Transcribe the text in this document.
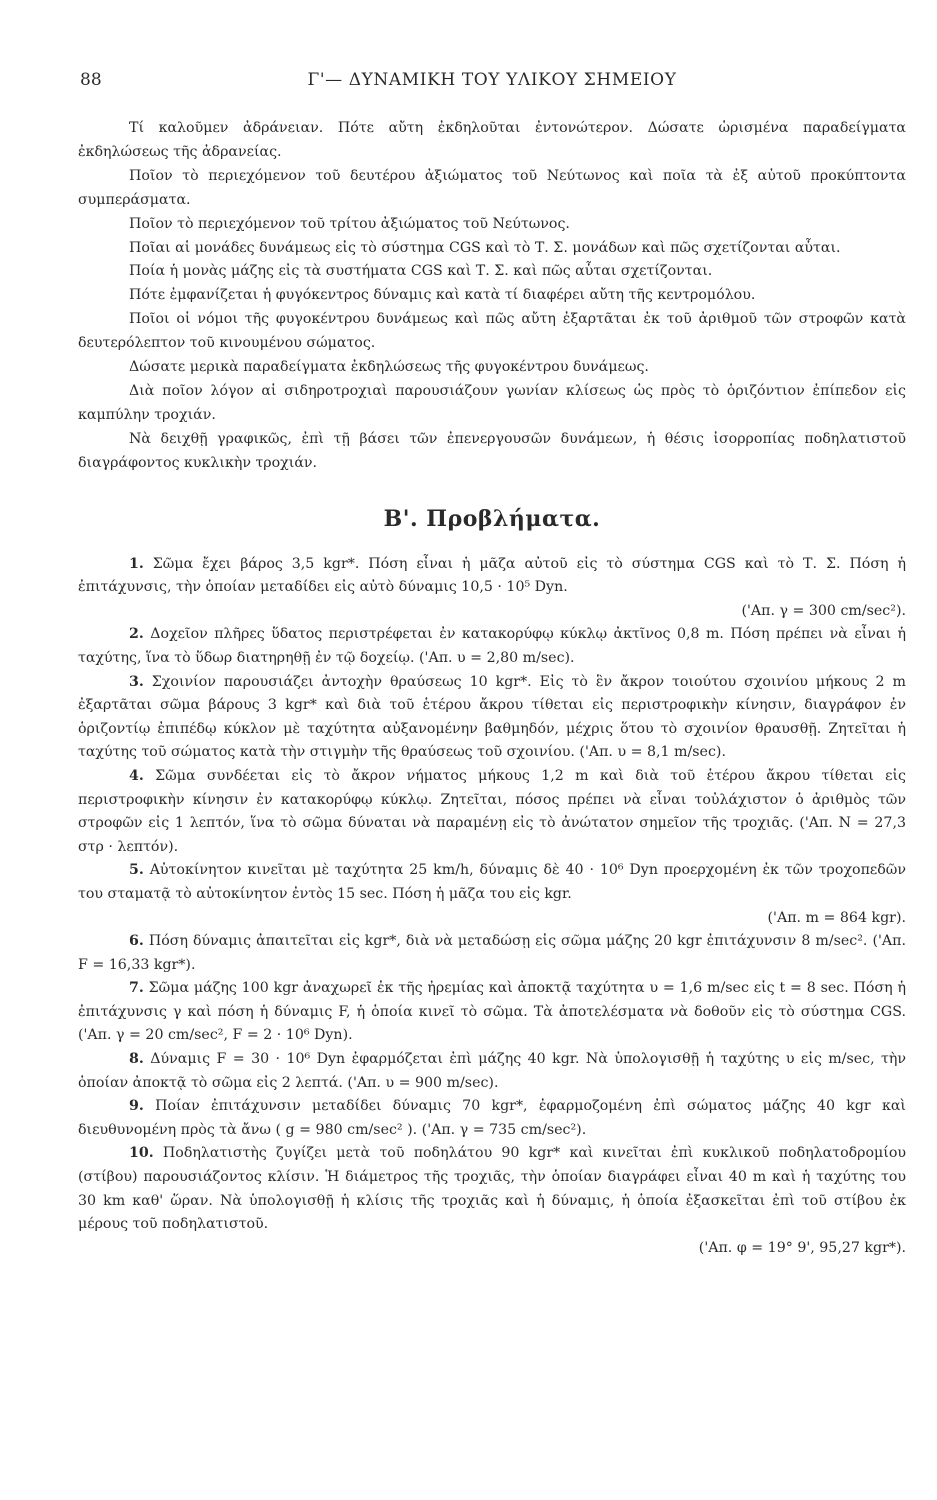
88	Γ'— ΔΥΝΑΜΙΚΗ ΤΟΥ ΥΛΙΚΟΥ ΣΗΜΕΙΟΥ

Τί καλοῦμεν ἀδράνειαν. Πότε αὔτη ἐκδηλοῦται ἐντονώτερον. Δώσατε ὡρισμένα παραδείγματα ἐκδηλώσεως τῆς ἀδρανείας.

Ποῖον τὸ περιεχόμενον τοῦ δευτέρου ἀξιώματος τοῦ Νεύτωνος καὶ ποῖα τὰ ἐξ αὐτοῦ προκύπτοντα συμπεράσματα.

Ποῖον τὸ περιεχόμενον τοῦ τρίτου ἀξιώματος τοῦ Νεύτωνος.

Ποῖαι αἱ μονάδες δυνάμεως εἰς τὸ σύστημα CGS καὶ τὸ Τ. Σ. μονάδων καὶ πῶς σχετίζονται αὗται.

Ποία ἡ μονὰς μάζης εἰς τὰ συστήματα CGS καὶ Τ. Σ. καὶ πῶς αὗται σχετίζονται.

Πότε ἐμφανίζεται ἡ φυγόκεντρος δύναμις καὶ κατὰ τί διαφέρει αὔτη τῆς κεντρομόλου.

Ποῖοι οἱ νόμοι τῆς φυγοκέντρου δυνάμεως καὶ πῶς αὔτη ἐξαρτᾶται ἐκ τοῦ ἀριθμοῦ τῶν στροφῶν κατὰ δευτερόλεπτον τοῦ κινουμένου σώματος.

Δώσατε μερικὰ παραδείγματα ἐκδηλώσεως τῆς φυγοκέντρου δυνάμεως.

Διὰ ποῖον λόγον αἱ σιδηροτροχιαὶ παρουσιάζουν γωνίαν κλίσεως ὡς πρὸς τὸ ὁριζόντιον ἐπίπεδον εἰς καμπύλην τροχιάν.

Νὰ δειχθῇ γραφικῶς, ἐπὶ τῇ βάσει τῶν ἐπενεργουσῶν δυνάμεων, ἡ θέσις ἰσορροπίας ποδηλατιστοῦ διαγράφοντος κυκλικὴν τροχιάν.

Β'. Προβλήματα.

1. Σῶμα ἔχει βάρος 3,5 kgr*. Πόση εἶναι ἡ μᾶζα αὐτοῦ εἰς τὸ σύστημα CGS καὶ τὸ Τ. Σ. Πόση ἡ ἐπιτάχυνσις, τὴν ὁποίαν μεταδίδει εἰς αὐτὸ δύναμις 10,5 · 10⁵ Dyn.
('Απ. γ = 300 cm/sec²).

2. Δοχεῖον πλῆρες ὕδατος περιστρέφεται ἐν κατακορύφῳ κύκλῳ ἀκτῖνος 0,8 m. Πόση πρέπει νὰ εἶναι ἡ ταχύτης, ἵνα τὸ ὕδωρ διατηρηθῇ ἐν τῷ δοχείῳ. ('Απ. υ = 2,80 m/sec).

3. Σχοινίον παρουσιάζει ἀντοχὴν θραύσεως 10 kgr*. Εἰς τὸ ἓν ἄκρον τοιούτου σχοινίου μήκους 2 m ἐξαρτᾶται σῶμα βάρους 3 kgr* καὶ διὰ τοῦ ἑτέρου ἄκρου τίθεται εἰς περιστροφικὴν κίνησιν, διαγράφον ἐν ὁριζοντίῳ ἐπιπέδῳ κύκλον μὲ ταχύτητα αὐξανομένην βαθμηδόν, μέχρις ὅτου τὸ σχοινίον θραυσθῇ. Ζητεῖται ἡ ταχύτης τοῦ σώματος κατὰ τὴν στιγμὴν τῆς θραύσεως τοῦ σχοινίου. ('Απ. υ = 8,1 m/sec).

4. Σῶμα συνδέεται εἰς τὸ ἄκρον νήματος μήκους 1,2 m καὶ διὰ τοῦ ἑτέρου ἄκρου τίθεται εἰς περιστροφικὴν κίνησιν ἐν κατακορύφῳ κύκλῳ. Ζητεῖται, πόσος πρέπει νὰ εἶναι τοὐλάχιστον ὁ ἀριθμὸς τῶν στροφῶν εἰς 1 λεπτόν, ἵνα τὸ σῶμα δύναται νὰ παραμένῃ εἰς τὸ ἀνώτατον σημεῖον τῆς τροχιᾶς. ('Απ. Ν = 27,3 στρ · λεπτόν).

5. Αὐτοκίνητον κινεῖται μὲ ταχύτητα 25 km/h, δύναμις δὲ 40 · 10⁶ Dyn προερχομένη ἐκ τῶν τροχοπεδῶν του σταματᾷ τὸ αὐτοκίνητον ἐντὸς 15 sec. Πόση ἡ μᾶζα του εἰς kgr.
('Απ. m = 864 kgr).

6. Πόση δύναμις ἀπαιτεῖται εἰς kgr*, διὰ νὰ μεταδώσῃ εἰς σῶμα μάζης 20 kgr ἐπιτάχυνσιν 8 m/sec². ('Απ. F = 16,33 kgr*).

7. Σῶμα μάζης 100 kgr ἀναχωρεῖ ἐκ τῆς ἠρεμίας καὶ ἀποκτᾷ ταχύτητα υ = 1,6 m/sec εἰς t = 8 sec. Πόση ἡ ἐπιτάχυνσις γ καὶ πόση ἡ δύναμις F, ἡ ὁποία κινεῖ τὸ σῶμα. Τὰ ἀποτελέσματα νὰ δοθοῦν εἰς τὸ σύστημα CGS. ('Απ. γ = 20 cm/sec², F = 2 · 10⁶ Dyn).

8. Δύναμις F = 30 · 10⁶ Dyn ἐφαρμόζεται ἐπὶ μάζης 40 kgr. Νὰ ὑπολογισθῇ ἡ ταχύτης υ εἰς m/sec, τὴν ὁποίαν ἀποκτᾷ τὸ σῶμα εἰς 2 λεπτά. ('Απ. υ = 900 m/sec).

9. Ποίαν ἐπιτάχυνσιν μεταδίδει δύναμις 70 kgr*, ἐφαρμοζομένη ἐπὶ σώματος μάζης 40 kgr καὶ διευθυνομένη πρὸς τὰ ἄνω ( g = 980 cm/sec² ). ('Απ. γ = 735 cm/sec²).

10. Ποδηλατιστὴς ζυγίζει μετὰ τοῦ ποδηλάτου 90 kgr* καὶ κινεῖται ἐπὶ κυκλικοῦ ποδηλατοδρομίου (στίβου) παρουσιάζοντος κλίσιν. Ἡ διάμετρος τῆς τροχιᾶς, τὴν ὁποίαν διαγράφει εἶναι 40 m καὶ ἡ ταχύτης του 30 km καθ' ὥραν. Νὰ ὑπολογισθῇ ἡ κλίσις τῆς τροχιᾶς καὶ ἡ δύναμις, ἡ ὁποία ἐξασκεῖται ἐπὶ τοῦ στίβου ἐκ μέρους τοῦ ποδηλατιστοῦ.
('Απ. φ = 19° 9', 95,27 kgr*).
